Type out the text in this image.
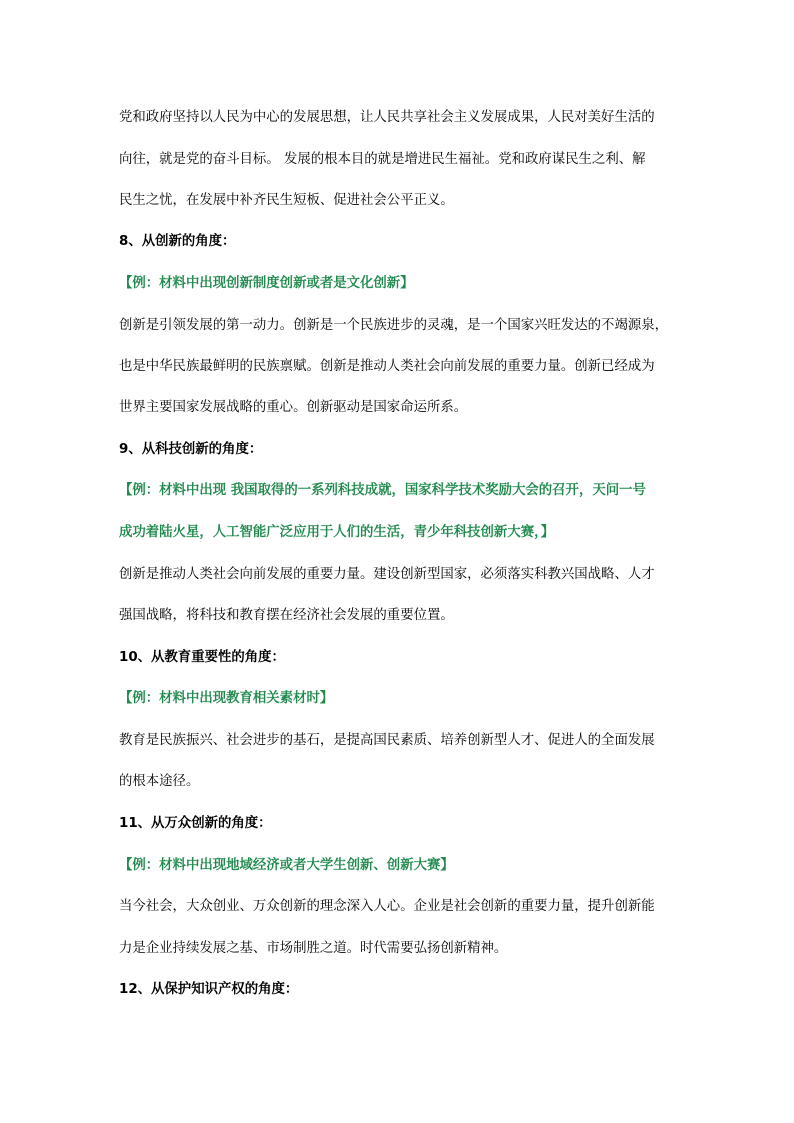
党和政府坚持以人民为中心的发展思想，让人民共享社会主义发展成果，人民对美好生活的
向往，就是党的奋斗目标。 发展的根本目的就是增进民生福祉。党和政府谋民生之利、解
民生之忧，在发展中补齐民生短板、促进社会公平正义。
8、从创新的角度：
【例：材料中出现创新制度创新或者是文化创新】
创新是引领发展的第一动力。创新是一个民族进步的灵魂，是一个国家兴旺发达的不竭源泉，
也是中华民族最鲜明的民族禀赋。创新是推动人类社会向前发展的重要力量。创新已经成为
世界主要国家发展战略的重心。创新驱动是国家命运所系。
9、从科技创新的角度：
【例：材料中出现 我国取得的一系列科技成就，国家科学技术奖励大会的召开，天问一号
成功着陆火星，人工智能广泛应用于人们的生活，青少年科技创新大赛，】
创新是推动人类社会向前发展的重要力量。建设创新型国家，必须落实科教兴国战略、人才
强国战略，将科技和教育摆在经济社会发展的重要位置。
10、从教育重要性的角度：
【例：材料中出现教育相关素材时】
教育是民族振兴、社会进步的基石，是提高国民素质、培养创新型人才、促进人的全面发展
的根本途径。
11、从万众创新的角度：
【例：材料中出现地域经济或者大学生创新、创新大赛】
当今社会，大众创业、万众创新的理念深入人心。企业是社会创新的重要力量，提升创新能
力是企业持续发展之基、市场制胜之道。时代需要弘扬创新精神。
12、从保护知识产权的角度：
